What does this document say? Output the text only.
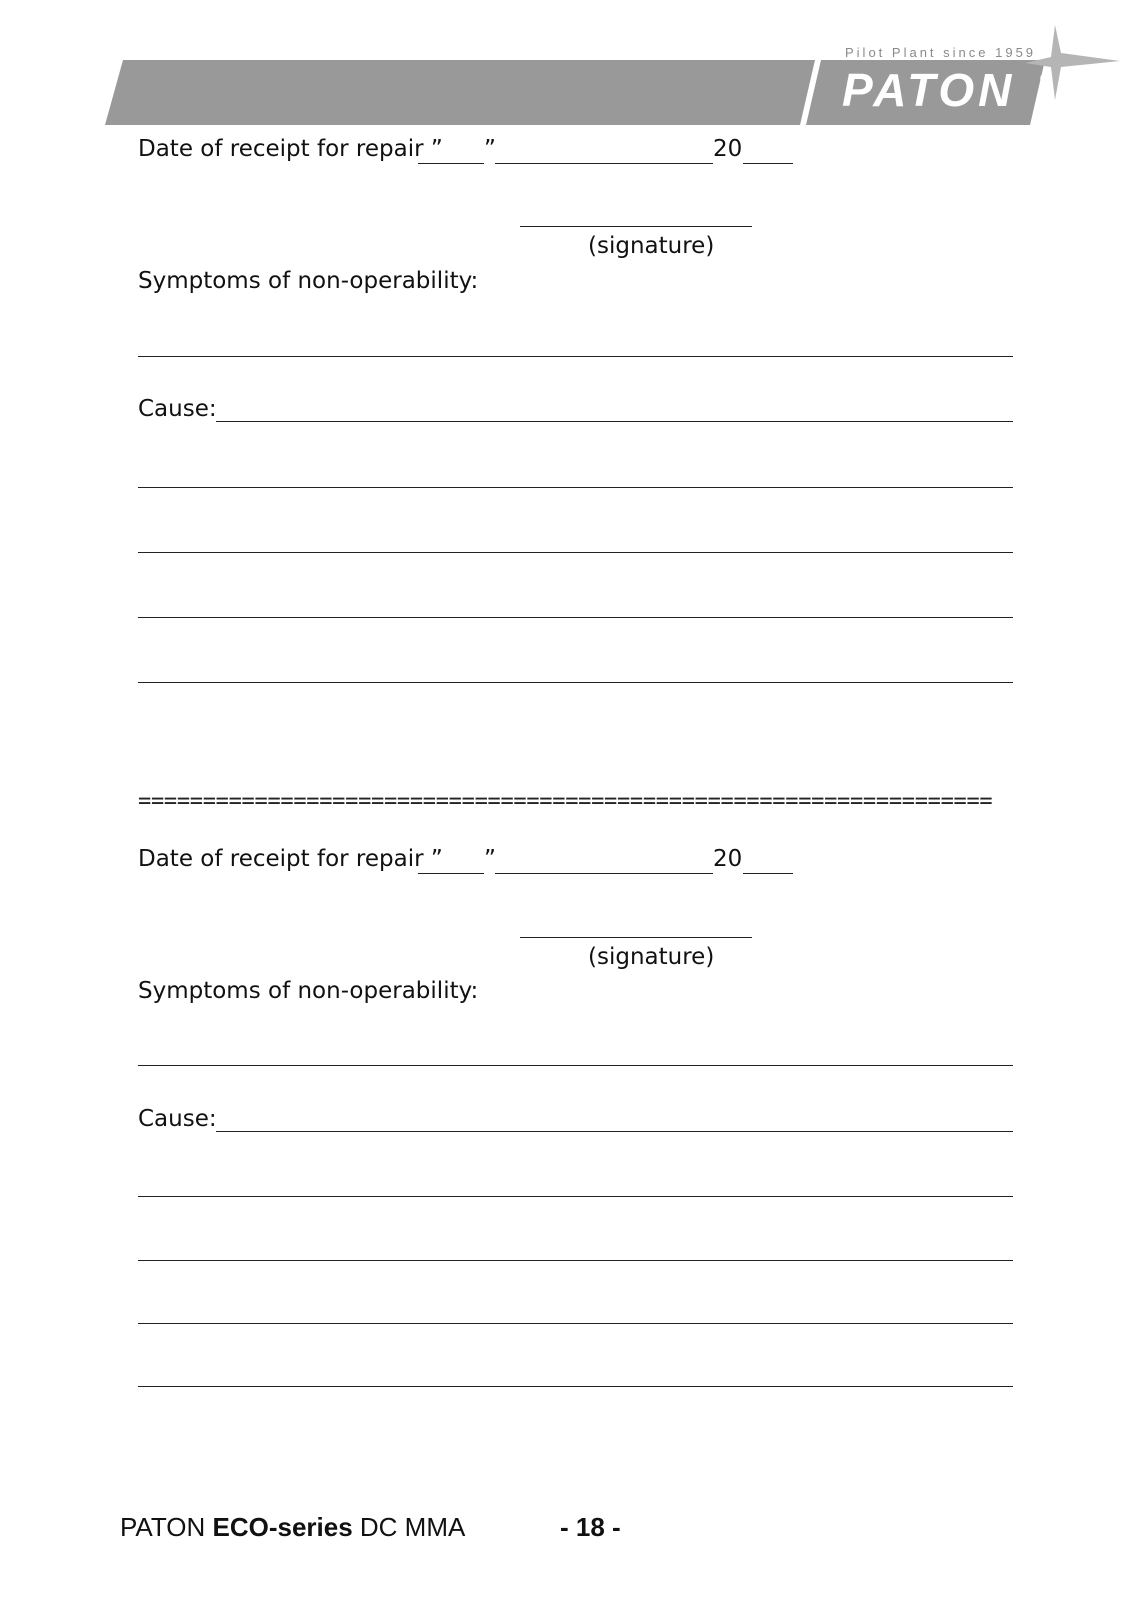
Pilot Plant since 1959
PATON ®
Date of receipt for repair ” ”	20
(signature)
Symptoms of non-operability:
Cause:
==================================================================
Date of receipt for repair ” ”	20
(signature)
Symptoms of non-operability:
Cause:
PATON ECO-series DC MMA	- 18 -
